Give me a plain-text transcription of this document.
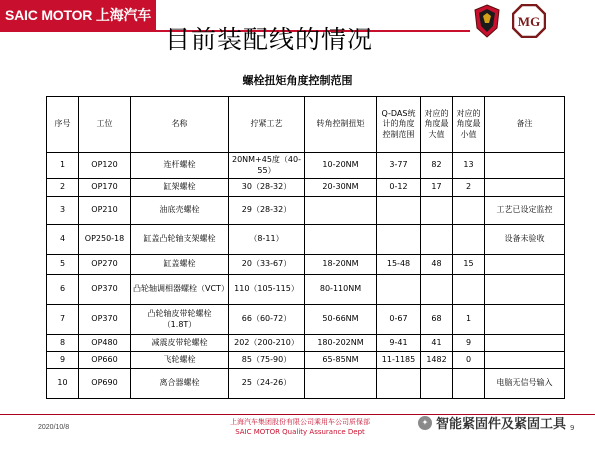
SAIC MOTOR 上海汽车
目前装配线的情况
MG
螺栓扭矩角度控制范围
序号	工位	名称	拧紧工艺	转角控制扭矩	Q-DAS统计的角度控制范围	对应的角度最大值	对应的角度最小值	备注
1	OP120	连杆螺栓	20NM+45度（40-55）	10-20NM	3-77	82	13	
2	OP170	缸架螺栓	30（28-32）	20-30NM	0-12	17	2	
3	OP210	油底壳螺栓	29（28-32）					工艺已设定监控
4	OP250-18	缸盖凸轮轴支架螺栓	（8-11）					设备未验收
5	OP270	缸盖螺栓	20（33-67）	18-20NM	15-48	48	15	
6	OP370	凸轮轴调相器螺栓（VCT）	110（105-115）	80-110NM				
7	OP370	凸轮轴皮带轮螺栓（1.8T）	66（60-72）	50-66NM	0-67	68	1	
8	OP480	减震皮带轮螺栓	202（200-210）	180-202NM	9-41	41	9	
9	OP660	飞轮螺栓	85（75-90）	65-85NM	11-1185	1482	0	
10	OP690	离合器螺栓	25（24-26）					电脑无信号输入
2020/10/8
上海汽车集团股份有限公司乘用车公司质保部
SAIC MOTOR Quality Assurance Dept	9
✦ 智能紧固件及紧固工具
